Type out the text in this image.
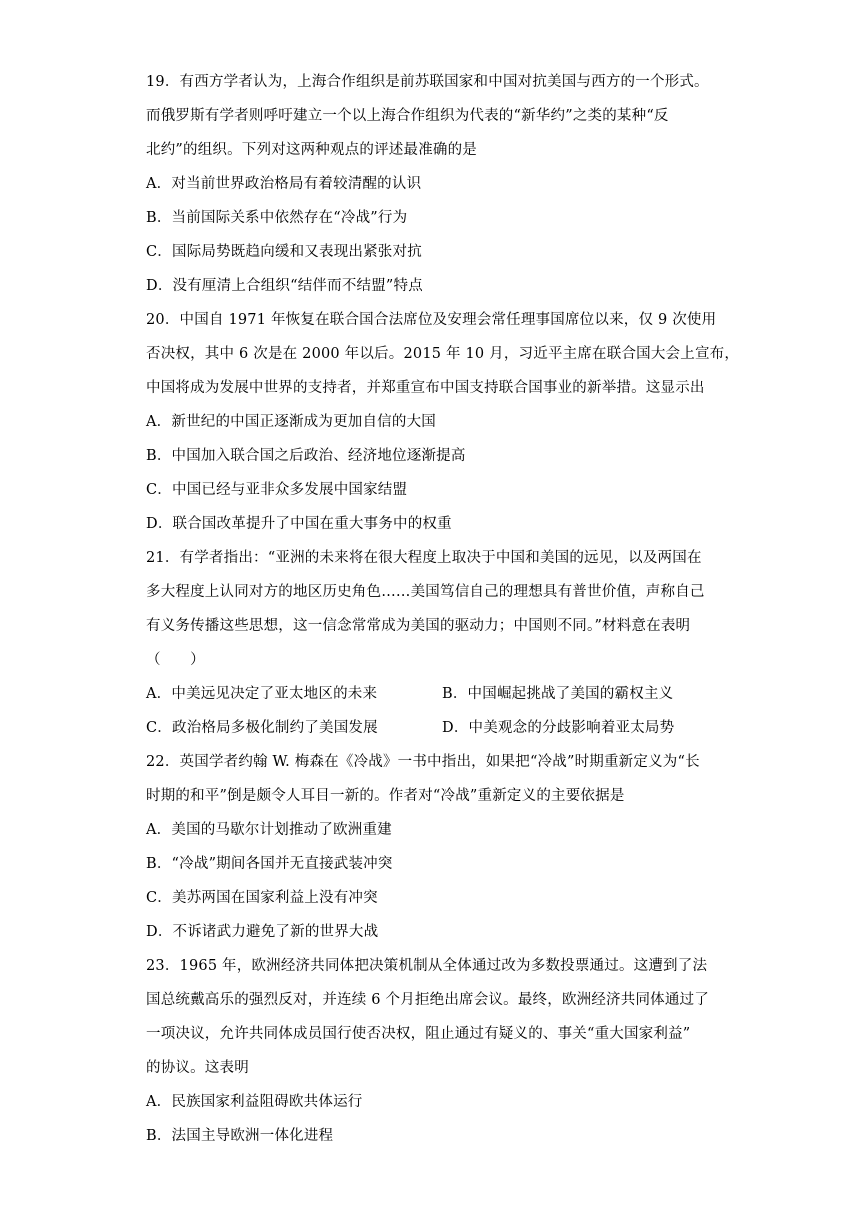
19．有西方学者认为，上海合作组织是前苏联国家和中国对抗美国与西方的一个形式。
而俄罗斯有学者则呼吁建立一个以上海合作组织为代表的“新华约”之类的某种“反
北约”的组织。下列对这两种观点的评述最准确的是
A．对当前世界政治格局有着较清醒的认识
B．当前国际关系中依然存在“冷战”行为
C．国际局势既趋向缓和又表现出紧张对抗
D．没有厘清上合组织“结伴而不结盟”特点
20．中国自 1971 年恢复在联合国合法席位及安理会常任理事国席位以来，仅 9 次使用
否决权，其中 6 次是在 2000 年以后。2015 年 10 月，习近平主席在联合国大会上宣布，
中国将成为发展中世界的支持者，并郑重宣布中国支持联合国事业的新举措。这显示出
A．新世纪的中国正逐渐成为更加自信的大国
B．中国加入联合国之后政治、经济地位逐渐提高
C．中国已经与亚非众多发展中国家结盟
D．联合国改革提升了中国在重大事务中的权重
21．有学者指出：“亚洲的未来将在很大程度上取决于中国和美国的远见，以及两国在
多大程度上认同对方的地区历史角色……美国笃信自己的理想具有普世价值，声称自己
有义务传播这些思想，这一信念常常成为美国的驱动力；中国则不同。”材料意在表明
（　　）
A．中美远见决定了亚太地区的未来	B．中国崛起挑战了美国的霸权主义
C．政治格局多极化制约了美国发展	D．中美观念的分歧影响着亚太局势
22．英国学者约翰 W. 梅森在《冷战》一书中指出，如果把“冷战”时期重新定义为“长
时期的和平”倒是颇令人耳目一新的。作者对“冷战”重新定义的主要依据是
A．美国的马歇尔计划推动了欧洲重建
B．“冷战”期间各国并无直接武装冲突
C．美苏两国在国家利益上没有冲突
D．不诉诸武力避免了新的世界大战
23．1965 年，欧洲经济共同体把决策机制从全体通过改为多数投票通过。这遭到了法
国总统戴高乐的强烈反对，并连续 6 个月拒绝出席会议。最终，欧洲经济共同体通过了
一项决议，允许共同体成员国行使否决权，阻止通过有疑义的、事关“重大国家利益”
的协议。这表明
A．民族国家利益阻碍欧共体运行
B．法国主导欧洲一体化进程
